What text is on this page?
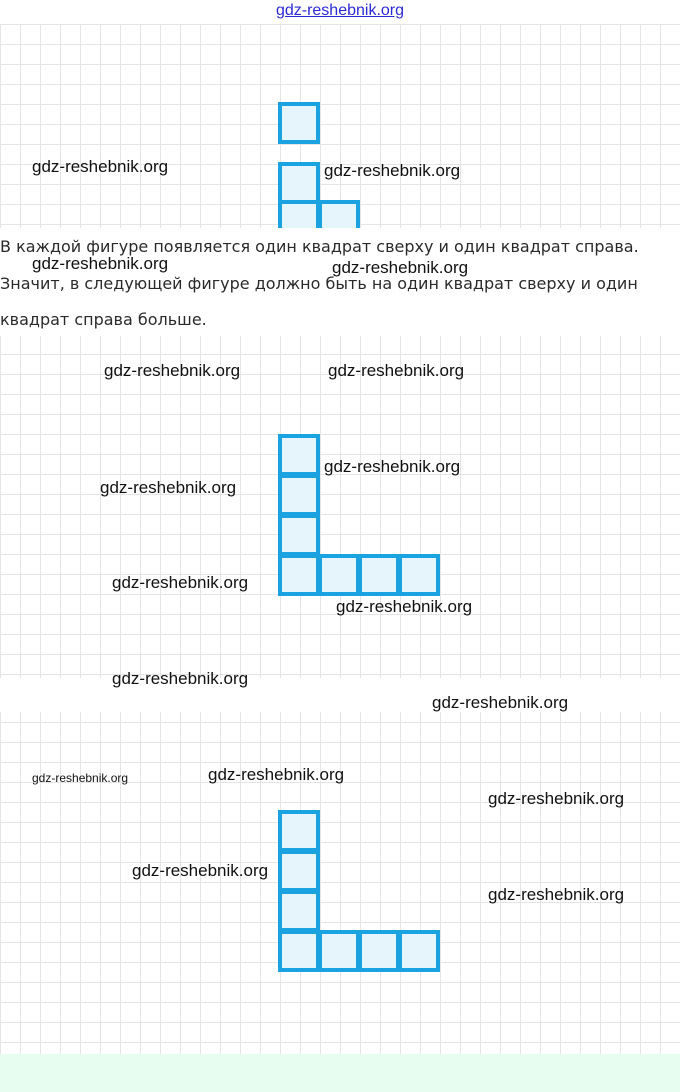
gdz-reshebnik.org
В каждой фигуре появляется один квадрат сверху и один квадрат справа.
Значит, в следующей фигуре должно быть на один квадрат сверху и один
квадрат справа больше.
gdz-reshebnik.org	gdz-reshebnik.org
gdz-reshebnik.org	gdz-reshebnik.org
gdz-reshebnik.org	gdz-reshebnik.org
gdz-reshebnik.org
gdz-reshebnik.org
gdz-reshebnik.org
gdz-reshebnik.org
gdz-reshebnik.org
gdz-reshebnik.org
gdz-reshebnik.org	gdz-reshebnik.org
gdz-reshebnik.org
gdz-reshebnik.org
gdz-reshebnik.org
